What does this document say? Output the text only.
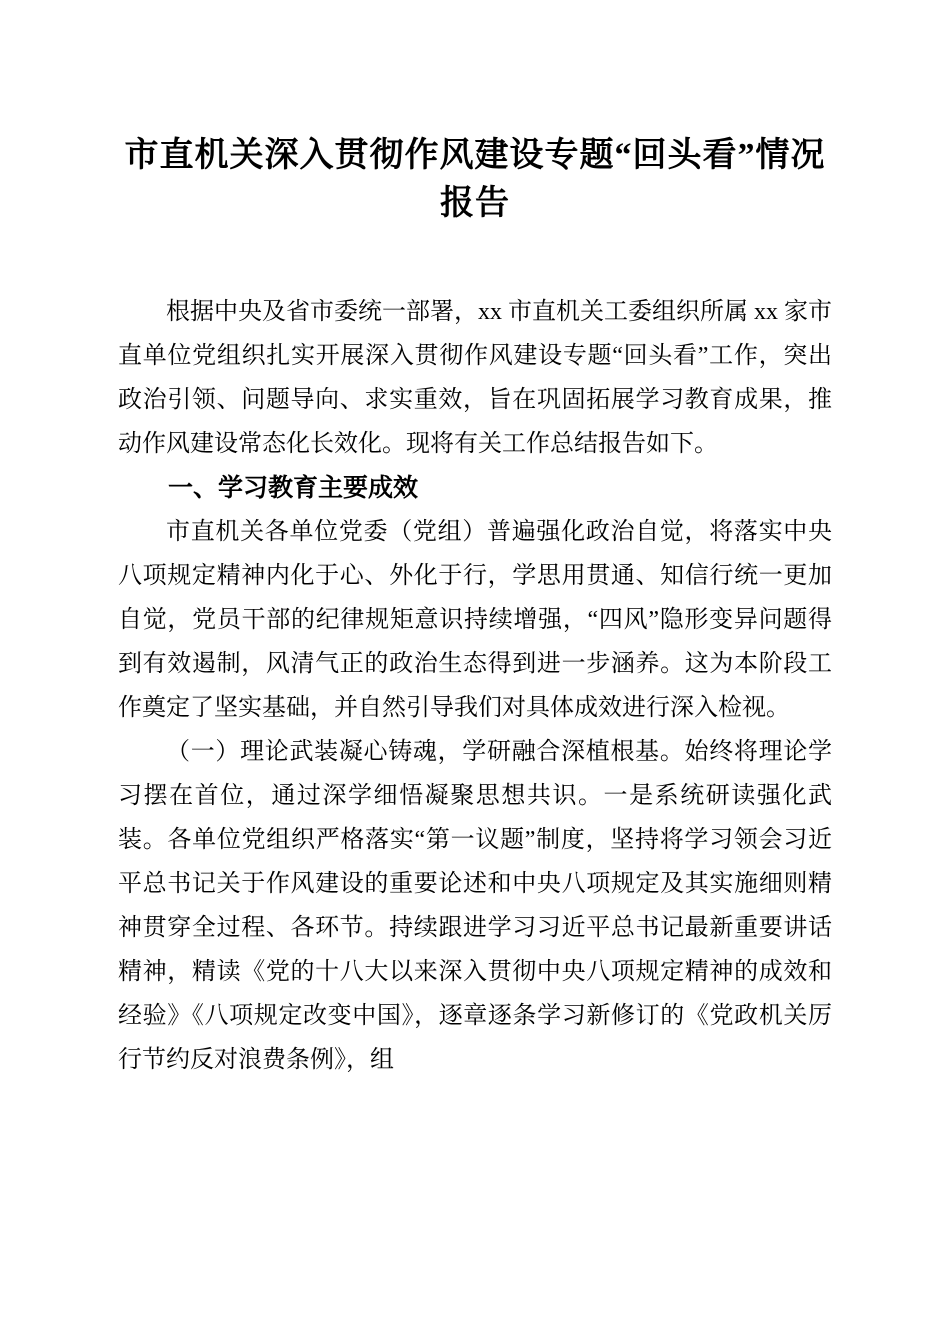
市直机关深入贯彻作风建设专题“回头看”情况报告

根据中央及省市委统一部署，xx 市直机关工委组织所属 xx 家市直单位党组织扎实开展深入贯彻作风建设专题“回头看”工作，突出政治引领、问题导向、求实重效，旨在巩固拓展学习教育成果，推动作风建设常态化长效化。现将有关工作总结报告如下。

一、学习教育主要成效

市直机关各单位党委（党组）普遍强化政治自觉，将落实中央八项规定精神内化于心、外化于行，学思用贯通、知信行统一更加自觉，党员干部的纪律规矩意识持续增强，“四风”隐形变异问题得到有效遏制，风清气正的政治生态得到进一步涵养。这为本阶段工作奠定了坚实基础，并自然引导我们对具体成效进行深入检视。

（一）理论武装凝心铸魂，学研融合深植根基。始终将理论学习摆在首位，通过深学细悟凝聚思想共识。一是系统研读强化武装。各单位党组织严格落实“第一议题”制度，坚持将学习领会习近平总书记关于作风建设的重要论述和中央八项规定及其实施细则精神贯穿全过程、各环节。持续跟进学习习近平总书记最新重要讲话精神，精读《党的十八大以来深入贯彻中央八项规定精神的成效和经验》《八项规定改变中国》，逐章逐条学习新修订的《党政机关厉行节约反对浪费条例》，组
